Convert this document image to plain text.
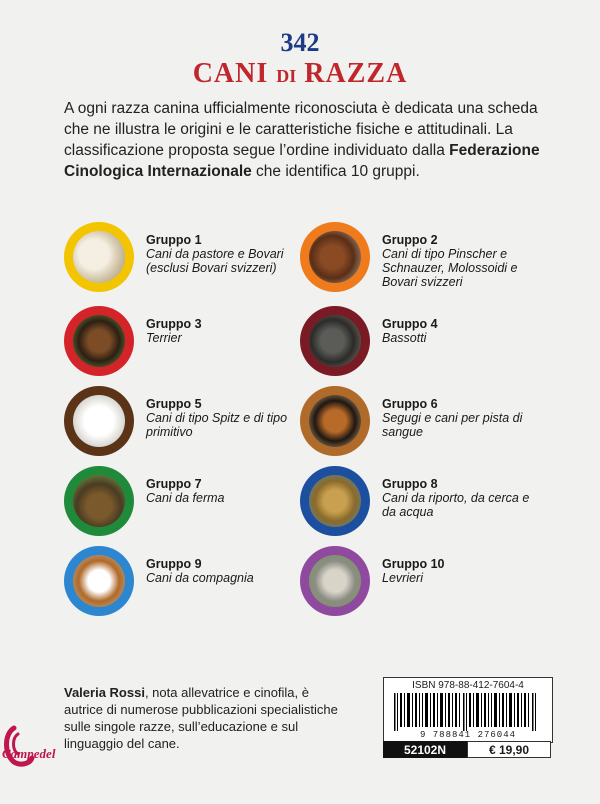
342
CANI DI RAZZA
A ogni razza canina ufficialmente riconosciuta è dedicata una scheda che ne illustra le origini e le caratteristiche fisiche e attitudinali. La classificazione proposta segue l’ordine individuato dalla Federazione Cinologica Internazionale che identifica 10 gruppi.
Gruppo 1
Cani da pastore e Bovari (esclusi Bovari svizzeri)
Gruppo 2
Cani di tipo Pinscher e Schnauzer, Molossoidi e Bovari svizzeri
Gruppo 3
Terrier
Gruppo 4
Bassotti
Gruppo 5
Cani di tipo Spitz e di tipo primitivo
Gruppo 6
Segugi e cani per pista di sangue
Gruppo 7
Cani da ferma
Gruppo 8
Cani da riporto, da cerca e da acqua
Gruppo 9
Cani da compagnia
Gruppo 10
Levrieri
Valeria Rossi, nota allevatrice e cinofila, è autrice di numerose pubblicazioni specialistiche sulle singole razze, sull’educazione e sul linguaggio del cane.
ISBN 978-88-412-7604-4
9 788841 276044
52102N	€ 19,90
Campedel
